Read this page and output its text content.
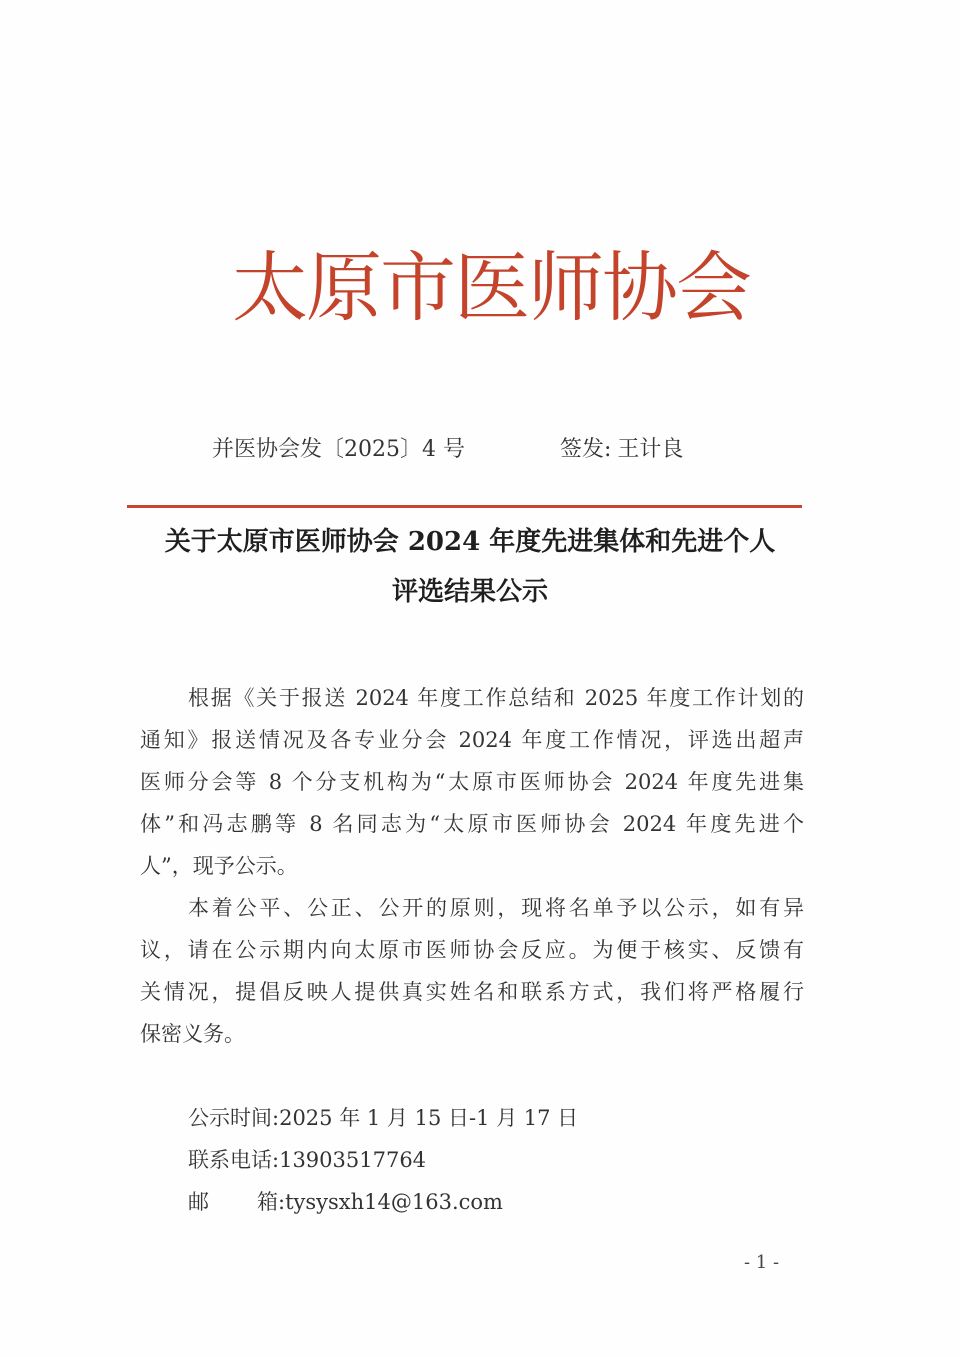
太原市医师协会
并医协会发〔2025〕4 号	签发: 王计良
关于太原市医师协会 2024 年度先进集体和先进个人
评选结果公示
根据《关于报送 2024 年度工作总结和 2025 年度工作计划的
通知》报送情况及各专业分会 2024 年度工作情况，评选出超声
医师分会等 8 个分支机构为“太原市医师协会 2024 年度先进集
体”和冯志鹏等 8 名同志为“太原市医师协会 2024 年度先进个
人”，现予公示。
本着公平、公正、公开的原则，现将名单予以公示，如有异
议，请在公示期内向太原市医师协会反应。为便于核实、反馈有
关情况，提倡反映人提供真实姓名和联系方式，我们将严格履行
保密义务。
公示时间:2025 年 1 月 15 日-1 月 17 日
联系电话:13903517764
邮 箱:tysysxh14@163.com
- 1 -
